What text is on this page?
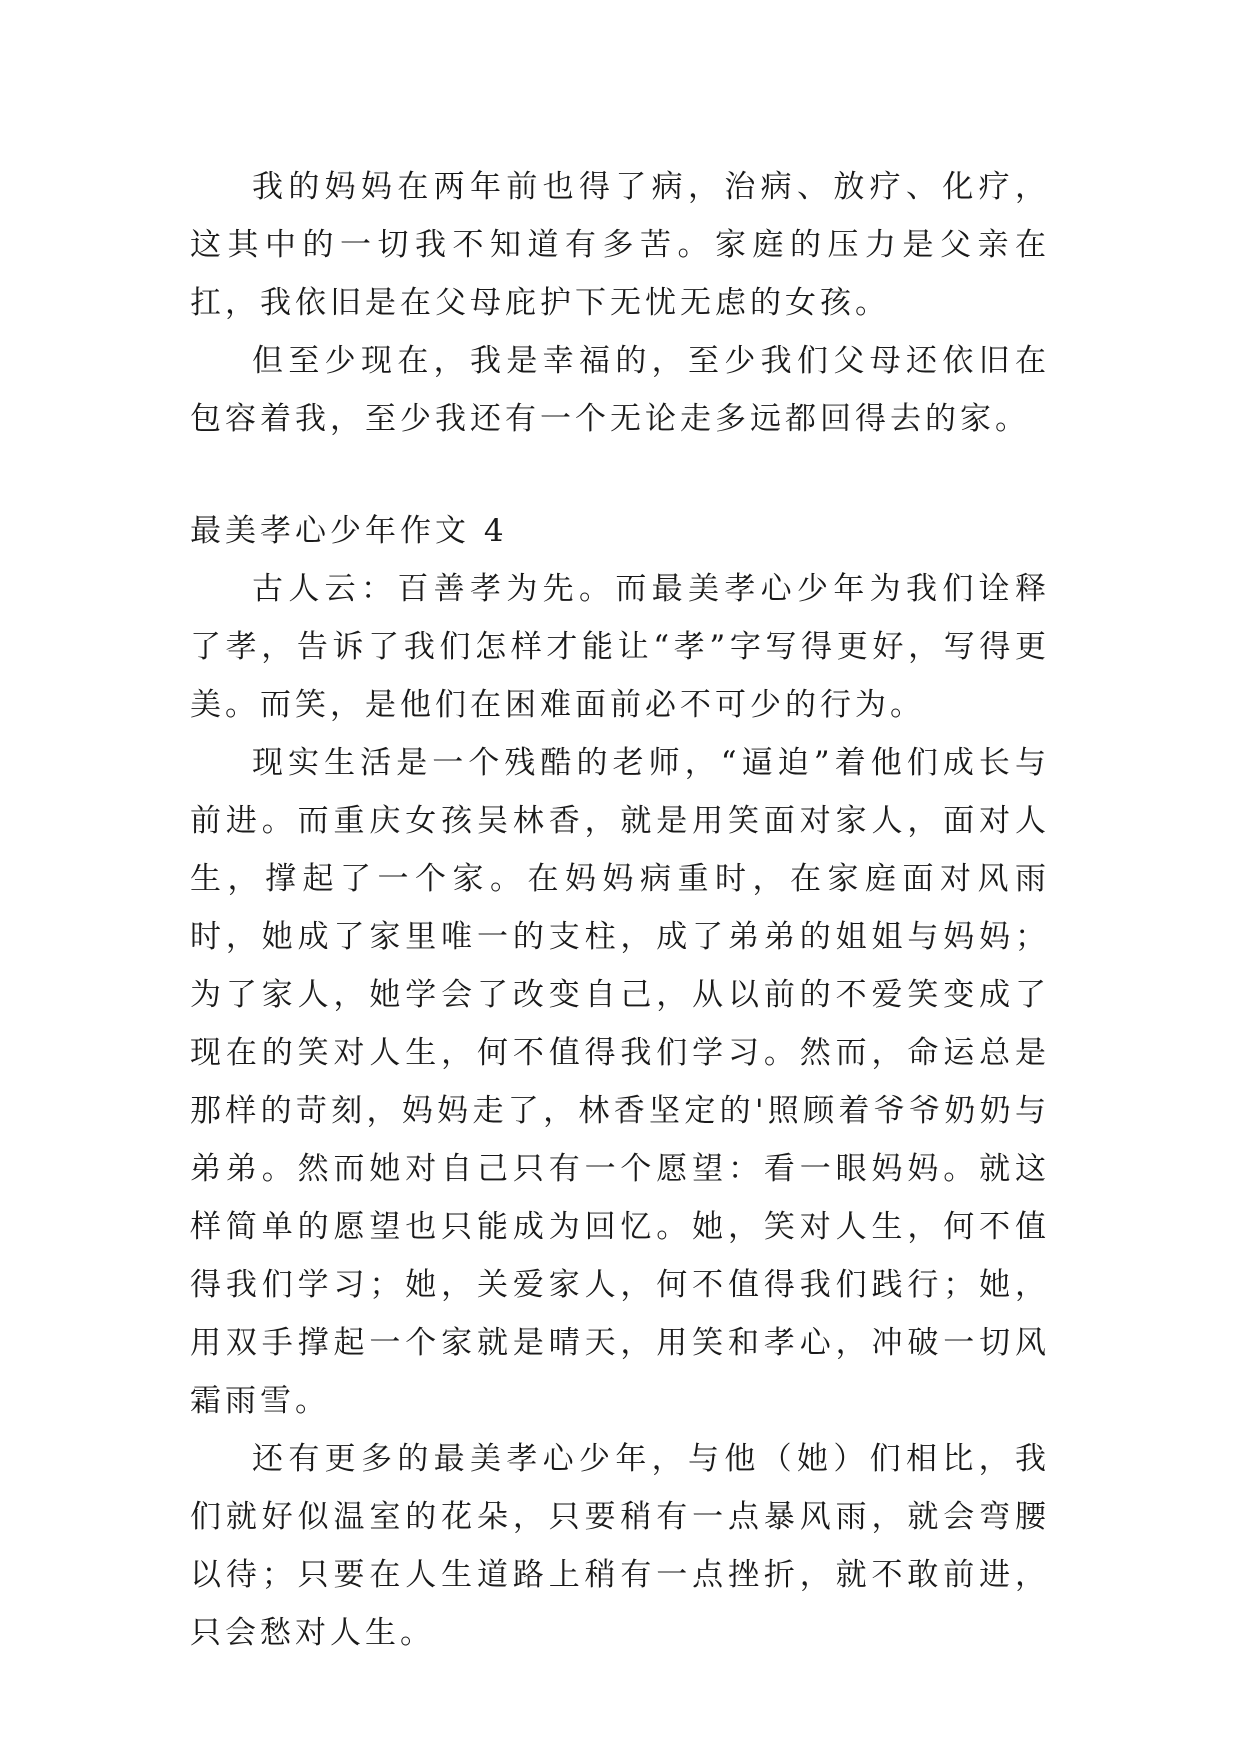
我的妈妈在两年前也得了病，治病、放疗、化疗，这其中的一切我不知道有多苦。家庭的压力是父亲在扛，我依旧是在父母庇护下无忧无虑的女孩。

但至少现在，我是幸福的，至少我们父母还依旧在包容着我，至少我还有一个无论走多远都回得去的家。

最美孝心少年作文 4

古人云：百善孝为先。而最美孝心少年为我们诠释了孝，告诉了我们怎样才能让“孝”字写得更好，写得更美。而笑，是他们在困难面前必不可少的行为。

现实生活是一个残酷的老师，“逼迫”着他们成长与前进。而重庆女孩吴林香，就是用笑面对家人，面对人生，撑起了一个家。在妈妈病重时，在家庭面对风雨时，她成了家里唯一的支柱，成了弟弟的姐姐与妈妈；为了家人，她学会了改变自己，从以前的不爱笑变成了现在的笑对人生，何不值得我们学习。然而，命运总是那样的苛刻，妈妈走了，林香坚定的'照顾着爷爷奶奶与弟弟。然而她对自己只有一个愿望：看一眼妈妈。就这样简单的愿望也只能成为回忆。她，笑对人生，何不值得我们学习；她，关爱家人，何不值得我们践行；她，用双手撑起一个家就是晴天，用笑和孝心，冲破一切风霜雨雪。

还有更多的最美孝心少年，与他（她）们相比，我们就好似温室的花朵，只要稍有一点暴风雨，就会弯腰以待；只要在人生道路上稍有一点挫折，就不敢前进，只会愁对人生。
